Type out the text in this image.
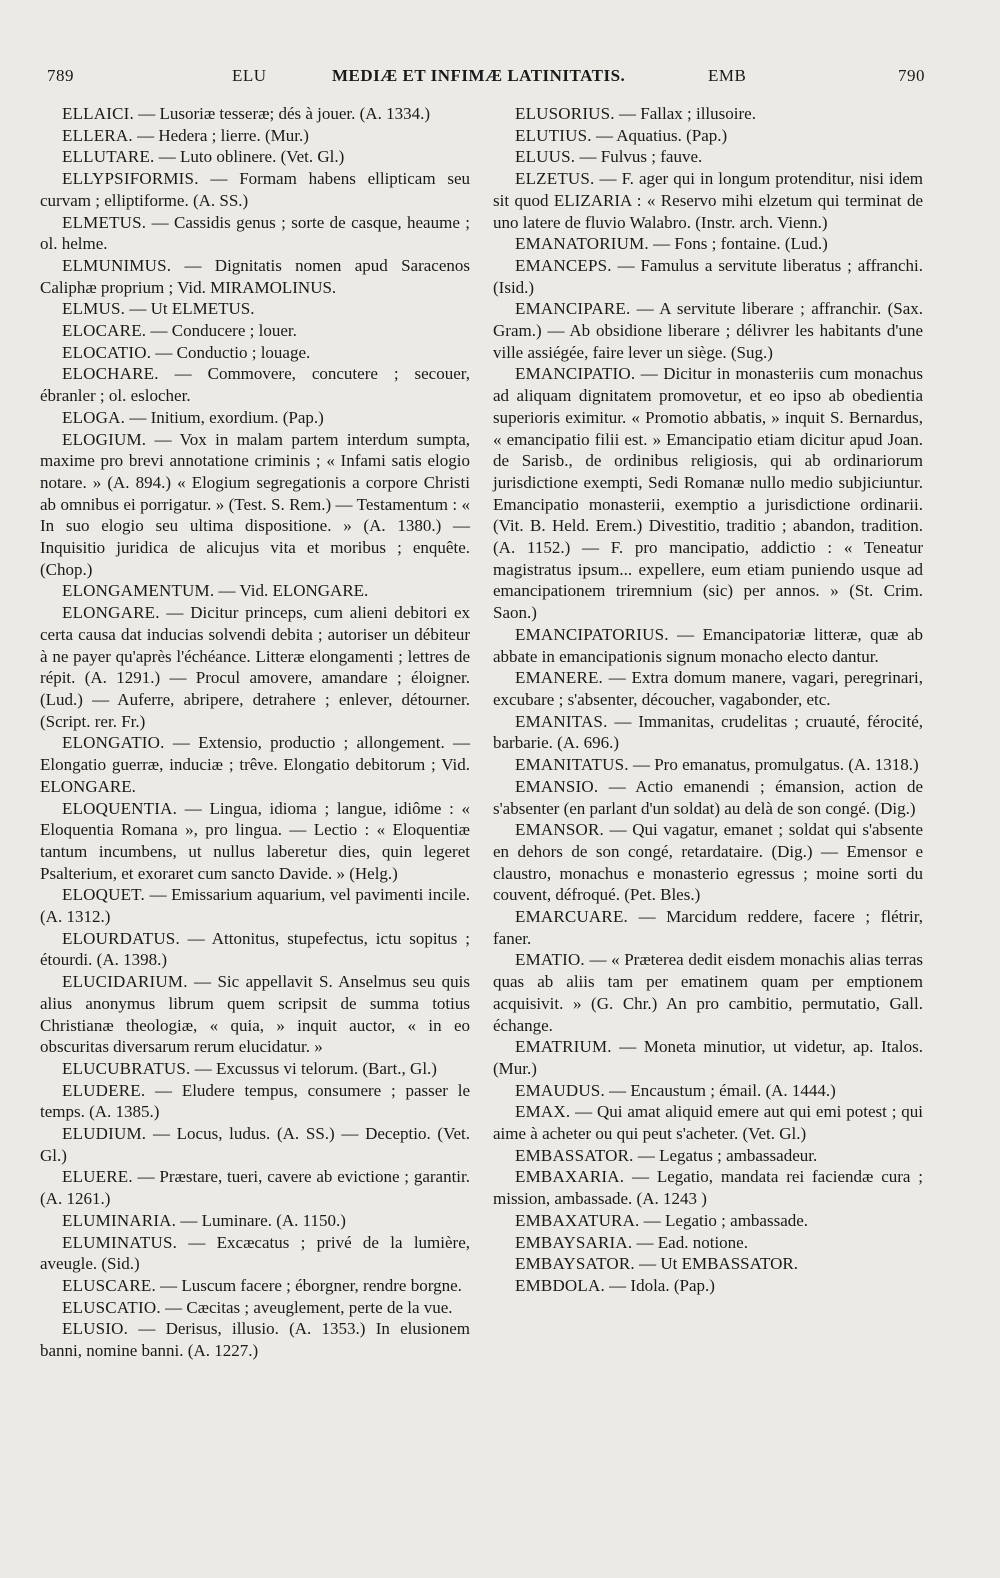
789	ELU	MEDIÆ ET INFIMÆ LATINITATIS.	EMB	790

ELLAICI. — Lusoriæ tesseræ; dés à jouer. (A. 1334.)

ELLERA. — Hedera ; lierre. (Mur.)

ELLUTARE. — Luto oblinere. (Vet. Gl.)

ELLYPSIFORMIS. — Formam habens ellipticam seu curvam ; elliptiforme. (A. SS.)

ELMETUS. — Cassidis genus ; sorte de casque, heaume ; ol. helme.

ELMUNIMUS. — Dignitatis nomen apud Saracenos Caliphæ proprium ; Vid. MIRAMOLINUS.

ELMUS. — Ut ELMETUS.

ELOCARE. — Conducere ; louer.

ELOCATIO. — Conductio ; louage.

ELOCHARE. — Commovere, concutere ; secouer, ébranler ; ol. eslocher.

ELOGA. — Initium, exordium. (Pap.)

ELOGIUM. — Vox in malam partem interdum sumpta, maxime pro brevi annotatione criminis ; « Infami satis elogio notare. » (A. 894.) « Elogium segregationis a corpore Christi ab omnibus ei porrigatur. » (Test. S. Rem.) — Testamentum : « In suo elogio seu ultima dispositione. » (A. 1380.) — Inquisitio juridica de alicujus vita et moribus ; enquête. (Chop.)

ELONGAMENTUM. — Vid. ELONGARE.

ELONGARE. — Dicitur princeps, cum alieni debitori ex certa causa dat inducias solvendi debita ; autoriser un débiteur à ne payer qu'après l'échéance. Litteræ elongamenti ; lettres de répit. (A. 1291.) — Procul amovere, amandare ; éloigner. (Lud.) — Auferre, abripere, detrahere ; enlever, détourner. (Script. rer. Fr.)

ELONGATIO. — Extensio, productio ; allongement. — Elongatio guerræ, induciæ ; trêve. Elongatio debitorum ; Vid. ELONGARE.

ELOQUENTIA. — Lingua, idioma ; langue, idiôme : « Eloquentia Romana », pro lingua. — Lectio : « Eloquentiæ tantum incumbens, ut nullus laberetur dies, quin legeret Psalterium, et exoraret cum sancto Davide. » (Helg.)

ELOQUET. — Emissarium aquarium, vel pavimenti incile. (A. 1312.)

ELOURDATUS. — Attonitus, stupefectus, ictu sopitus ; étourdi. (A. 1398.)

ELUCIDARIUM. — Sic appellavit S. Anselmus seu quis alius anonymus librum quem scripsit de summa totius Christianæ theologiæ, « quia, » inquit auctor, « in eo obscuritas diversarum rerum elucidatur. »

ELUCUBRATUS. — Excussus vi telorum. (Bart., Gl.)

ELUDERE. — Eludere tempus, consumere ; passer le temps. (A. 1385.)

ELUDIUM. — Locus, ludus. (A. SS.) — Deceptio. (Vet. Gl.)

ELUERE. — Præstare, tueri, cavere ab evictione ; garantir. (A. 1261.)

ELUMINARIA. — Luminare. (A. 1150.)

ELUMINATUS. — Excæcatus ; privé de la lumière, aveugle. (Sid.)

ELUSCARE. — Luscum facere ; éborgner, rendre borgne.

ELUSCATIO. — Cæcitas ; aveuglement, perte de la vue.

ELUSIO. — Derisus, illusio. (A. 1353.) In elusionem banni, nomine banni. (A. 1227.)

ELUSORIUS. — Fallax ; illusoire.

ELUTIUS. — Aquatius. (Pap.)

ELUUS. — Fulvus ; fauve.

ELZETUS. — F. ager qui in longum protenditur, nisi idem sit quod ELIZARIA : « Reservo mihi elzetum qui terminat de uno latere de fluvio Walabro. (Instr. arch. Vienn.)

EMANATORIUM. — Fons ; fontaine. (Lud.)

EMANCEPS. — Famulus a servitute liberatus ; affranchi. (Isid.)

EMANCIPARE. — A servitute liberare ; affranchir. (Sax. Gram.) — Ab obsidione liberare ; délivrer les habitants d'une ville assiégée, faire lever un siège. (Sug.)

EMANCIPATIO. — Dicitur in monasteriis cum monachus ad aliquam dignitatem promovetur, et eo ipso ab obedientia superioris eximitur. « Promotio abbatis, » inquit S. Bernardus, « emancipatio filii est. » Emancipatio etiam dicitur apud Joan. de Sarisb., de ordinibus religiosis, qui ab ordinariorum jurisdictione exempti, Sedi Romanæ nullo medio subjiciuntur. Emancipatio monasterii, exemptio a jurisdictione ordinarii. (Vit. B. Held. Erem.) Divestitio, traditio ; abandon, tradition. (A. 1152.) — F. pro mancipatio, addictio : « Teneatur magistratus ipsum... expellere, eum etiam puniendo usque ad emancipationem triremnium (sic) per annos. » (St. Crim. Saon.)

EMANCIPATORIUS. — Emancipatoriæ litteræ, quæ ab abbate in emancipationis signum monacho electo dantur.

EMANERE. — Extra domum manere, vagari, peregrinari, excubare ; s'absenter, découcher, vagabonder, etc.

EMANITAS. — Immanitas, crudelitas ; cruauté, férocité, barbarie. (A. 696.)

EMANITATUS. — Pro emanatus, promulgatus. (A. 1318.)

EMANSIO. — Actio emanendi ; émansion, action de s'absenter (en parlant d'un soldat) au delà de son congé. (Dig.)

EMANSOR. — Qui vagatur, emanet ; soldat qui s'absente en dehors de son congé, retardataire. (Dig.) — Emensor e claustro, monachus e monasterio egressus ; moine sorti du couvent, défroqué. (Pet. Bles.)

EMARCUARE. — Marcidum reddere, facere ; flétrir, faner.

EMATIO. — « Præterea dedit eisdem monachis alias terras quas ab aliis tam per ematinem quam per emptionem acquisivit. » (G. Chr.) An pro cambitio, permutatio, Gall. échange.

EMATRIUM. — Moneta minutior, ut videtur, ap. Italos. (Mur.)

EMAUDUS. — Encaustum ; émail. (A. 1444.)

EMAX. — Qui amat aliquid emere aut qui emi potest ; qui aime à acheter ou qui peut s'acheter. (Vet. Gl.)

EMBASSATOR. — Legatus ; ambassadeur.

EMBAXARIA. — Legatio, mandata rei faciendæ cura ; mission, ambassade. (A. 1243 )

EMBAXATURA. — Legatio ; ambassade.

EMBAYSARIA. — Ead. notione.

EMBAYSATOR. — Ut EMBASSATOR.

EMBDOLA. — Idola. (Pap.)
